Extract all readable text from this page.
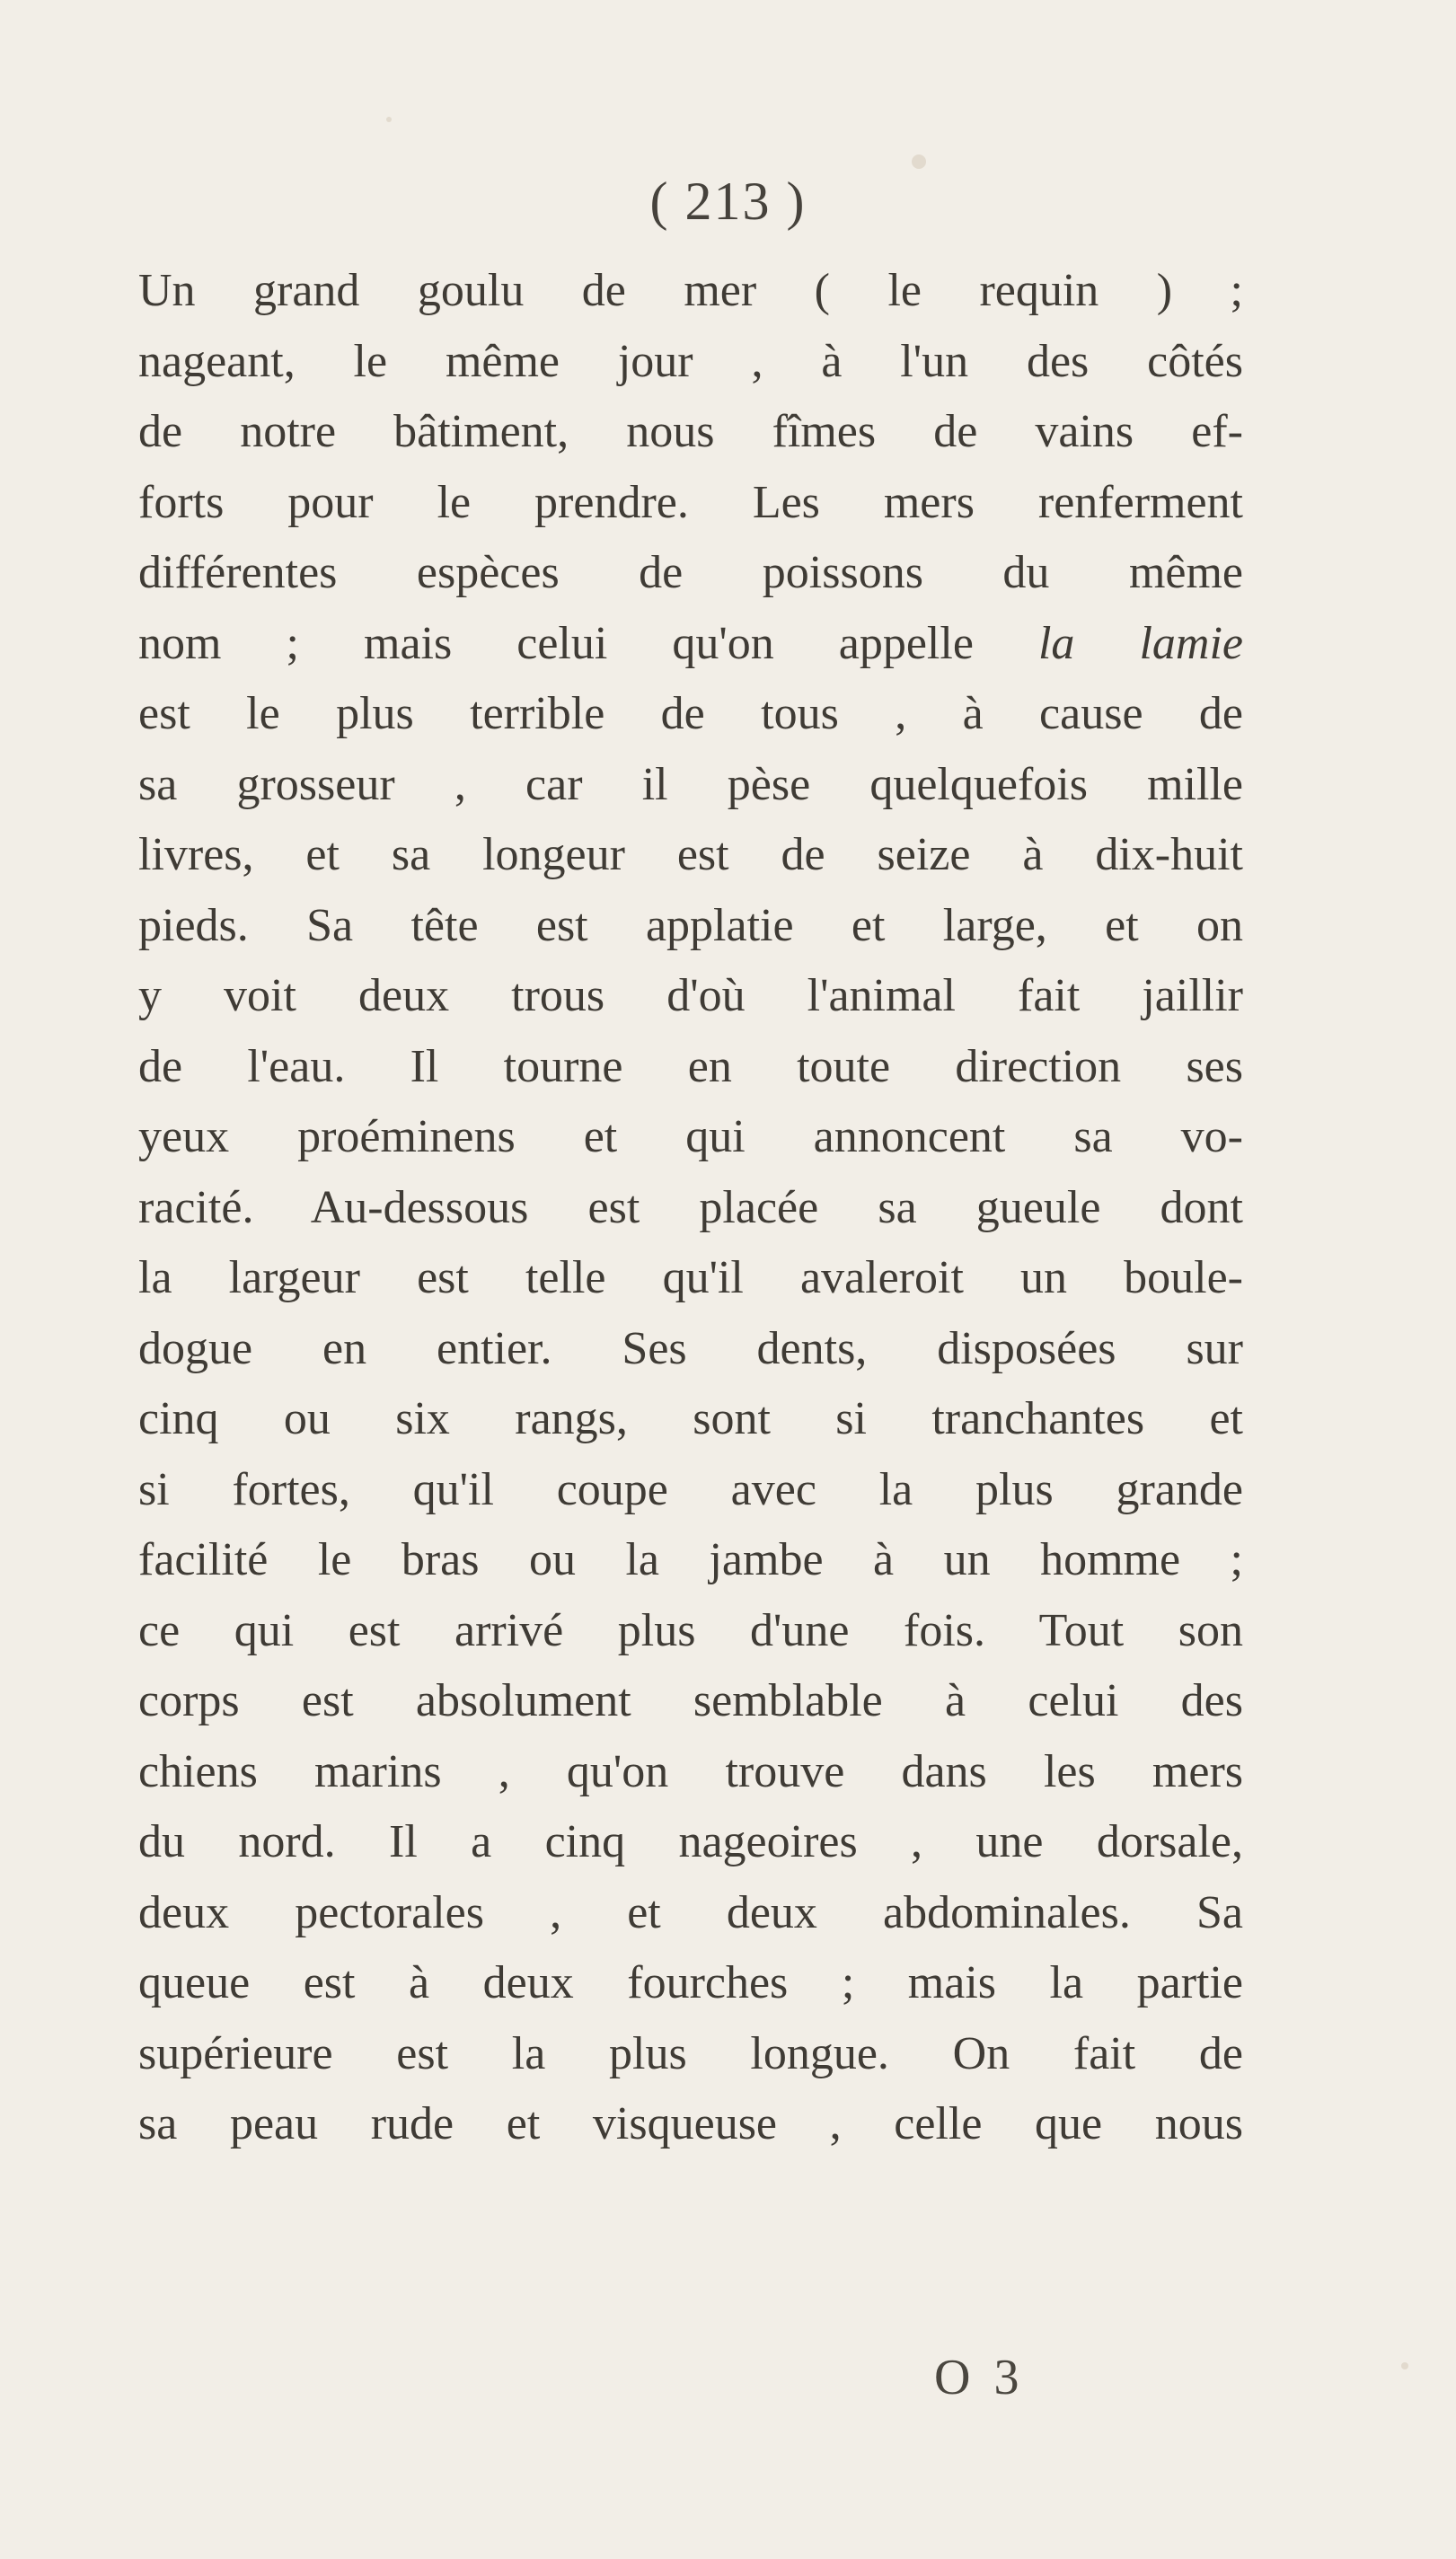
( 213 )
Un grand goulu de mer ( le requin ) ;
nageant, le même jour , à l'un des côtés
de notre bâtiment, nous fîmes de vains ef-
forts pour le prendre. Les mers renferment
différentes espèces de poissons du même
nom ; mais celui qu'on appelle la lamie
est le plus terrible de tous , à cause de
sa grosseur , car il pèse quelquefois mille
livres, et sa longeur est de seize à dix-huit
pieds. Sa tête est applatie et large, et on
y voit deux trous d'où l'animal fait jaillir
de l'eau. Il tourne en toute direction ses
yeux proéminens et qui annoncent sa vo-
racité. Au-dessous est placée sa gueule dont
la largeur est telle qu'il avaleroit un boule-
dogue en entier. Ses dents, disposées sur
cinq ou six rangs, sont si tranchantes et
si fortes, qu'il coupe avec la plus grande
facilité le bras ou la jambe à un homme ;
ce qui est arrivé plus d'une fois. Tout son
corps est absolument semblable à celui des
chiens marins , qu'on trouve dans les mers
du nord. Il a cinq nageoires , une dorsale,
deux pectorales , et deux abdominales. Sa
queue est à deux fourches ; mais la partie
supérieure est la plus longue. On fait de
sa peau rude et visqueuse , celle que nous
O 3
